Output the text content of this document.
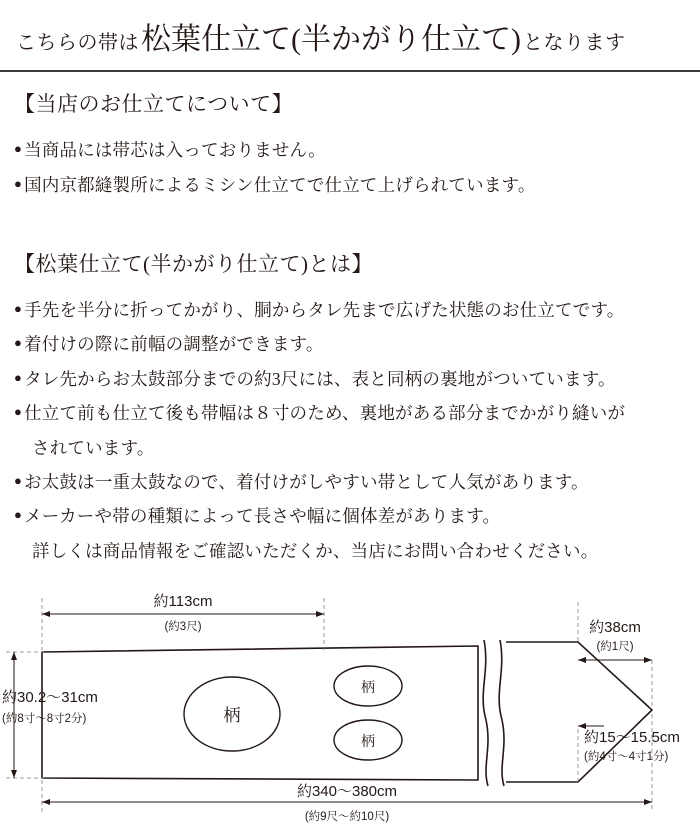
こちらの帯は 松葉仕立て(半かがり仕立て) となります
【当店のお仕立てについて】
● 当商品には帯芯は入っておりません。
● 国内京都縫製所によるミシン仕立てで仕立て上げられています。
【松葉仕立て(半かがり仕立て)とは】
● 手先を半分に折ってかがり、胴からタレ先まで広げた状態のお仕立てです。
● 着付けの際に前幅の調整ができます。
● タレ先からお太鼓部分までの約3尺には、表と同柄の裏地がついています。
● 仕立て前も仕立て後も帯幅は８寸のため、裏地がある部分までかがり縫いが
されています。
● お太鼓は一重太鼓なので、着付けがしやすい帯として人気があります。
● メーカーや帯の種類によって長さや幅に個体差があります。
詳しくは商品情報をご確認いただくか、当店にお問い合わせください。
柄
柄
柄
約113cm
(約3尺)
約30.2〜31cm
(約8寸〜8寸2分)
約38cm
(約1尺)
約15〜15.5cm
(約4寸〜4寸1分)
約340〜380cm
(約9尺〜約10尺)
